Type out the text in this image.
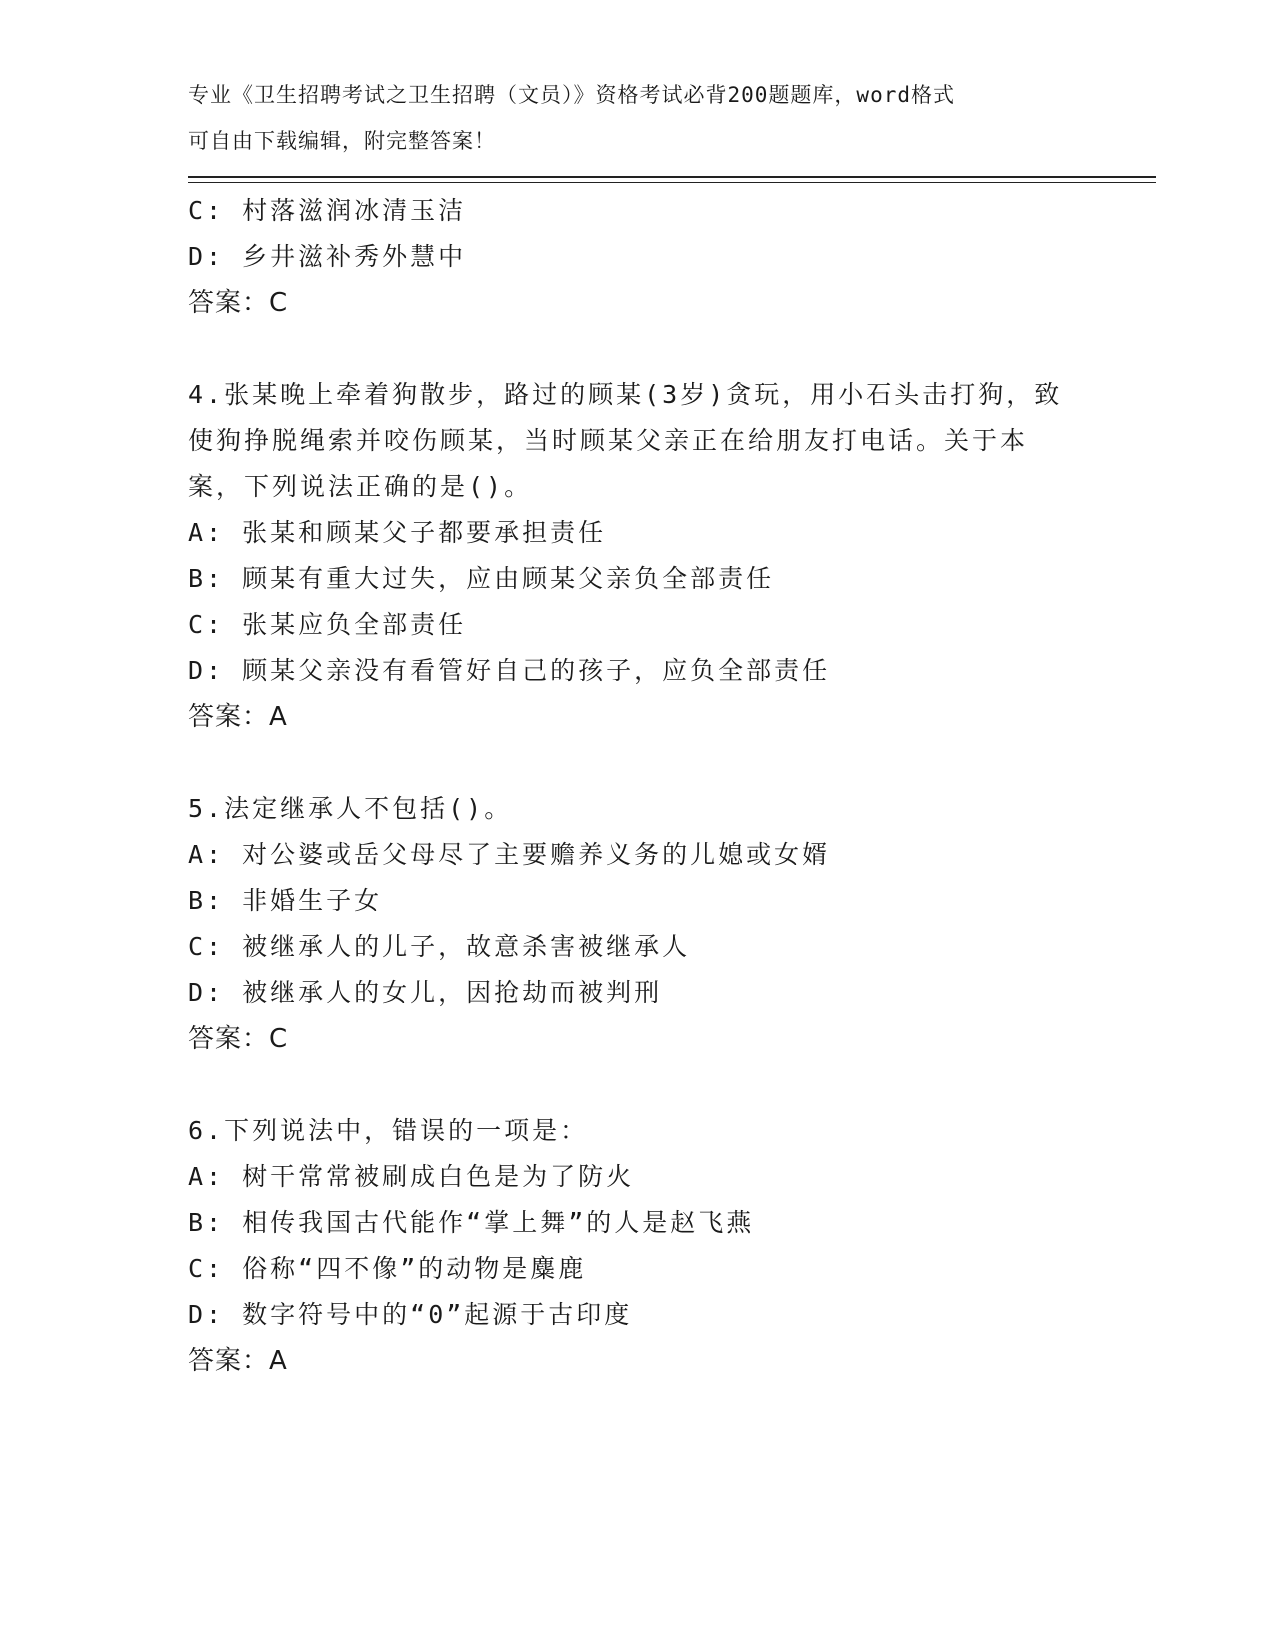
专业《卫生招聘考试之卫生招聘（文员）》资格考试必背200题题库，word格式
可自由下载编辑，附完整答案！
C: 村落滋润冰清玉洁
D: 乡井滋补秀外慧中
答案：C
4.张某晚上牵着狗散步，路过的顾某(3岁)贪玩，用小石头击打狗，致
使狗挣脱绳索并咬伤顾某，当时顾某父亲正在给朋友打电话。关于本
案，下列说法正确的是()。
A: 张某和顾某父子都要承担责任
B: 顾某有重大过失，应由顾某父亲负全部责任
C: 张某应负全部责任
D: 顾某父亲没有看管好自己的孩子，应负全部责任
答案：A
5.法定继承人不包括()。
A: 对公婆或岳父母尽了主要赡养义务的儿媳或女婿
B: 非婚生子女
C: 被继承人的儿子，故意杀害被继承人
D: 被继承人的女儿，因抢劫而被判刑
答案：C
6.下列说法中，错误的一项是：
A: 树干常常被刷成白色是为了防火
B: 相传我国古代能作“掌上舞”的人是赵飞燕
C: 俗称“四不像”的动物是麋鹿
D: 数字符号中的“0”起源于古印度
答案：A
